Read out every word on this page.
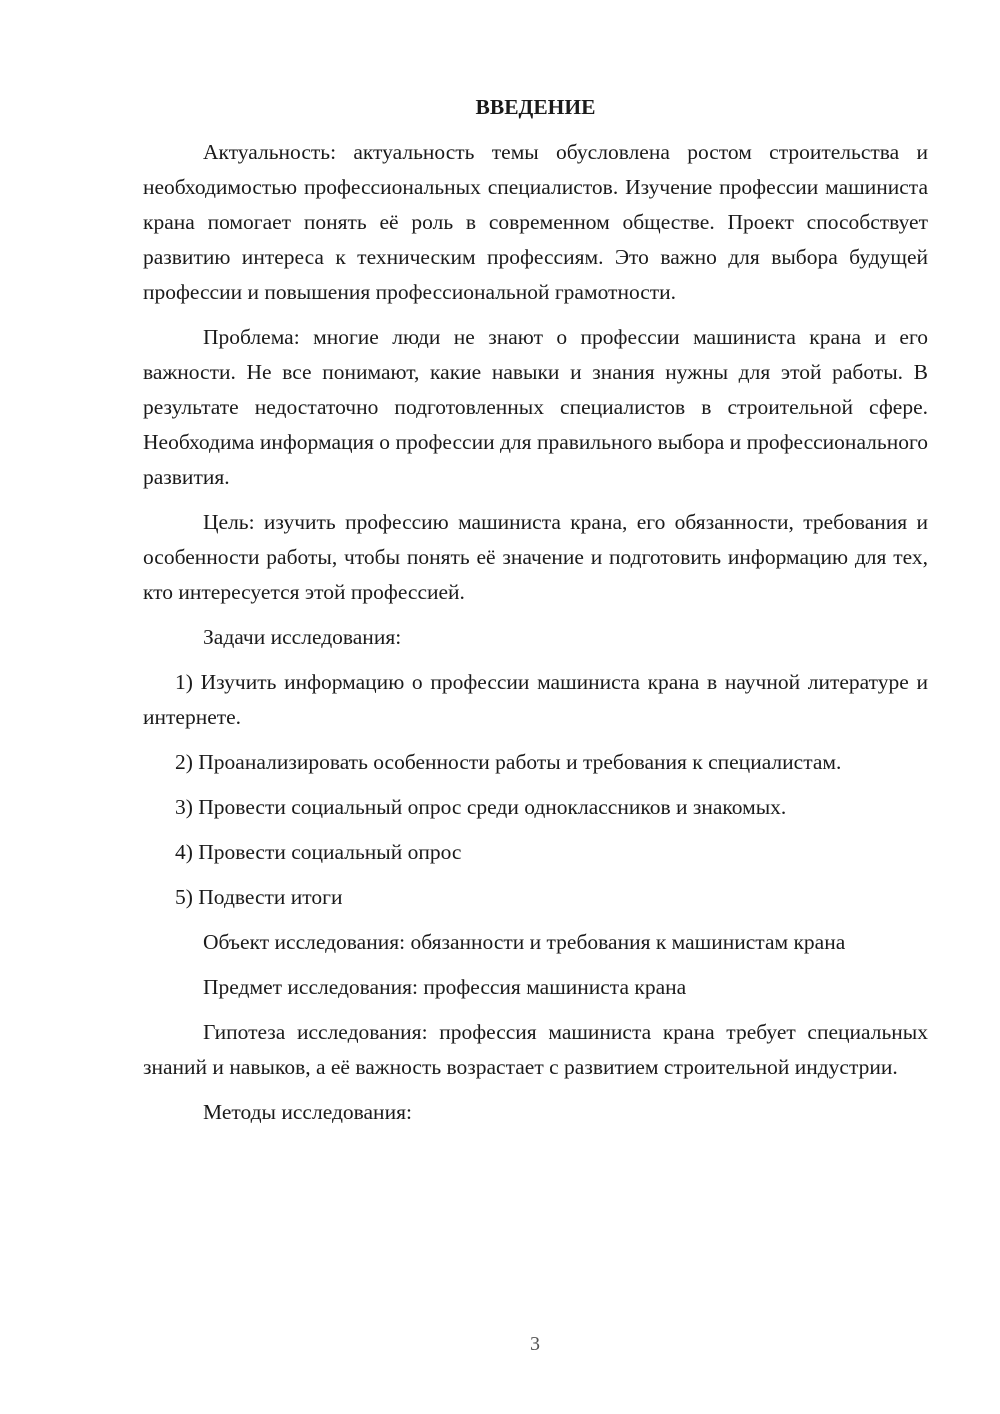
ВВЕДЕНИЕ

Актуальность: актуальность темы обусловлена ростом строительства и необходимостью профессиональных специалистов. Изучение профессии машиниста крана помогает понять её роль в современном обществе. Проект способствует развитию интереса к техническим профессиям. Это важно для выбора будущей профессии и повышения профессиональной грамотности.

Проблема: многие люди не знают о профессии машиниста крана и его важности. Не все понимают, какие навыки и знания нужны для этой работы. В результате недостаточно подготовленных специалистов в строительной сфере. Необходима информация о профессии для правильного выбора и профессионального развития.

Цель: изучить профессию машиниста крана, его обязанности, требования и особенности работы, чтобы понять её значение и подготовить информацию для тех, кто интересуется этой профессией.

Задачи исследования:

1) Изучить информацию о профессии машиниста крана в научной литературе и интернете.

2) Проанализировать особенности работы и требования к специалистам.

3) Провести социальный опрос среди одноклассников и знакомых.

4) Провести социальный опрос

5) Подвести итоги

Объект исследования: обязанности и требования к машинистам крана

Предмет исследования: профессия машиниста крана

Гипотеза исследования: профессия машиниста крана требует специальных знаний и навыков, а её важность возрастает с развитием строительной индустрии.

Методы исследования:

3
